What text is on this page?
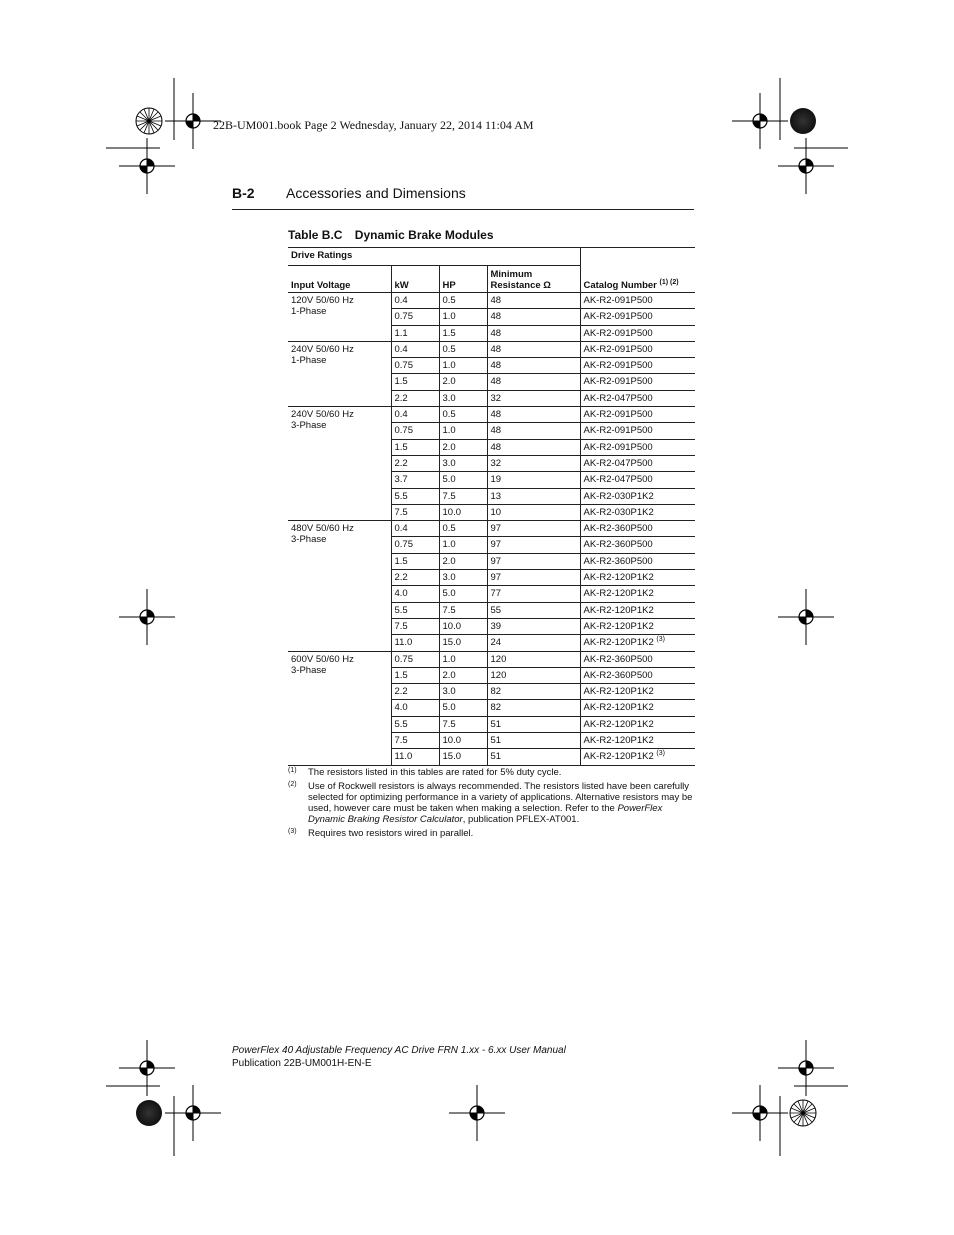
22B-UM001.book Page 2 Wednesday, January 22, 2014 11:04 AM
B-2 Accessories and Dimensions
Table B.C Dynamic Brake Modules
Drive Ratings				Catalog Number $^{(1) (2)}$
Input Voltage	kW	HP	Minimum
Resistance Ω	

120V 50/60 Hz
1-Phase	0.4	0.5	48	AK-R2-091P500
	0.75	1.0	48	AK-R2-091P500
	1.1	1.5	48	AK-R2-091P500

240V 50/60 Hz
1-Phase	0.4	0.5	48	AK-R2-091P500
	0.75	1.0	48	AK-R2-091P500
	1.5	2.0	48	AK-R2-091P500
	2.2	3.0	32	AK-R2-047P500

240V 50/60 Hz
3-Phase	0.4	0.5	48	AK-R2-091P500
	0.75	1.0	48	AK-R2-091P500
	1.5	2.0	48	AK-R2-091P500
	2.2	3.0	32	AK-R2-047P500
	3.7	5.0	19	AK-R2-047P500
	5.5	7.5	13	AK-R2-030P1K2
	7.5	10.0	10	AK-R2-030P1K2

480V 50/60 Hz
3-Phase	0.4	0.5	97	AK-R2-360P500
	0.75	1.0	97	AK-R2-360P500
	1.5	2.0	97	AK-R2-360P500
	2.2	3.0	97	AK-R2-120P1K2
	4.0	5.0	77	AK-R2-120P1K2
	5.5	7.5	55	AK-R2-120P1K2
	7.5	10.0	39	AK-R2-120P1K2
	11.0	15.0	24	AK-R2-120P1K2 $^{(3)}$

600V 50/60 Hz
3-Phase	0.75	1.0	120	AK-R2-360P500
	1.5	2.0	120	AK-R2-360P500
	2.2	3.0	82	AK-R2-120P1K2
	4.0	5.0	82	AK-R2-120P1K2
	5.5	7.5	51	AK-R2-120P1K2
	7.5	10.0	51	AK-R2-120P1K2
	11.0	15.0	51	AK-R2-120P1K2 $^{(3)}$
(1) The resistors listed in this tables are rated for 5% duty cycle.
(2) Use of Rockwell resistors is always recommended. The resistors listed have been carefully selected for optimizing performance in a variety of applications. Alternative resistors may be used, however care must be taken when making a selection. Refer to the PowerFlex Dynamic Braking Resistor Calculator, publication PFLEX-AT001.
(3) Requires two resistors wired in parallel.
PowerFlex 40 Adjustable Frequency AC Drive FRN 1.xx - 6.xx User Manual
Publication 22B-UM001H-EN-E
